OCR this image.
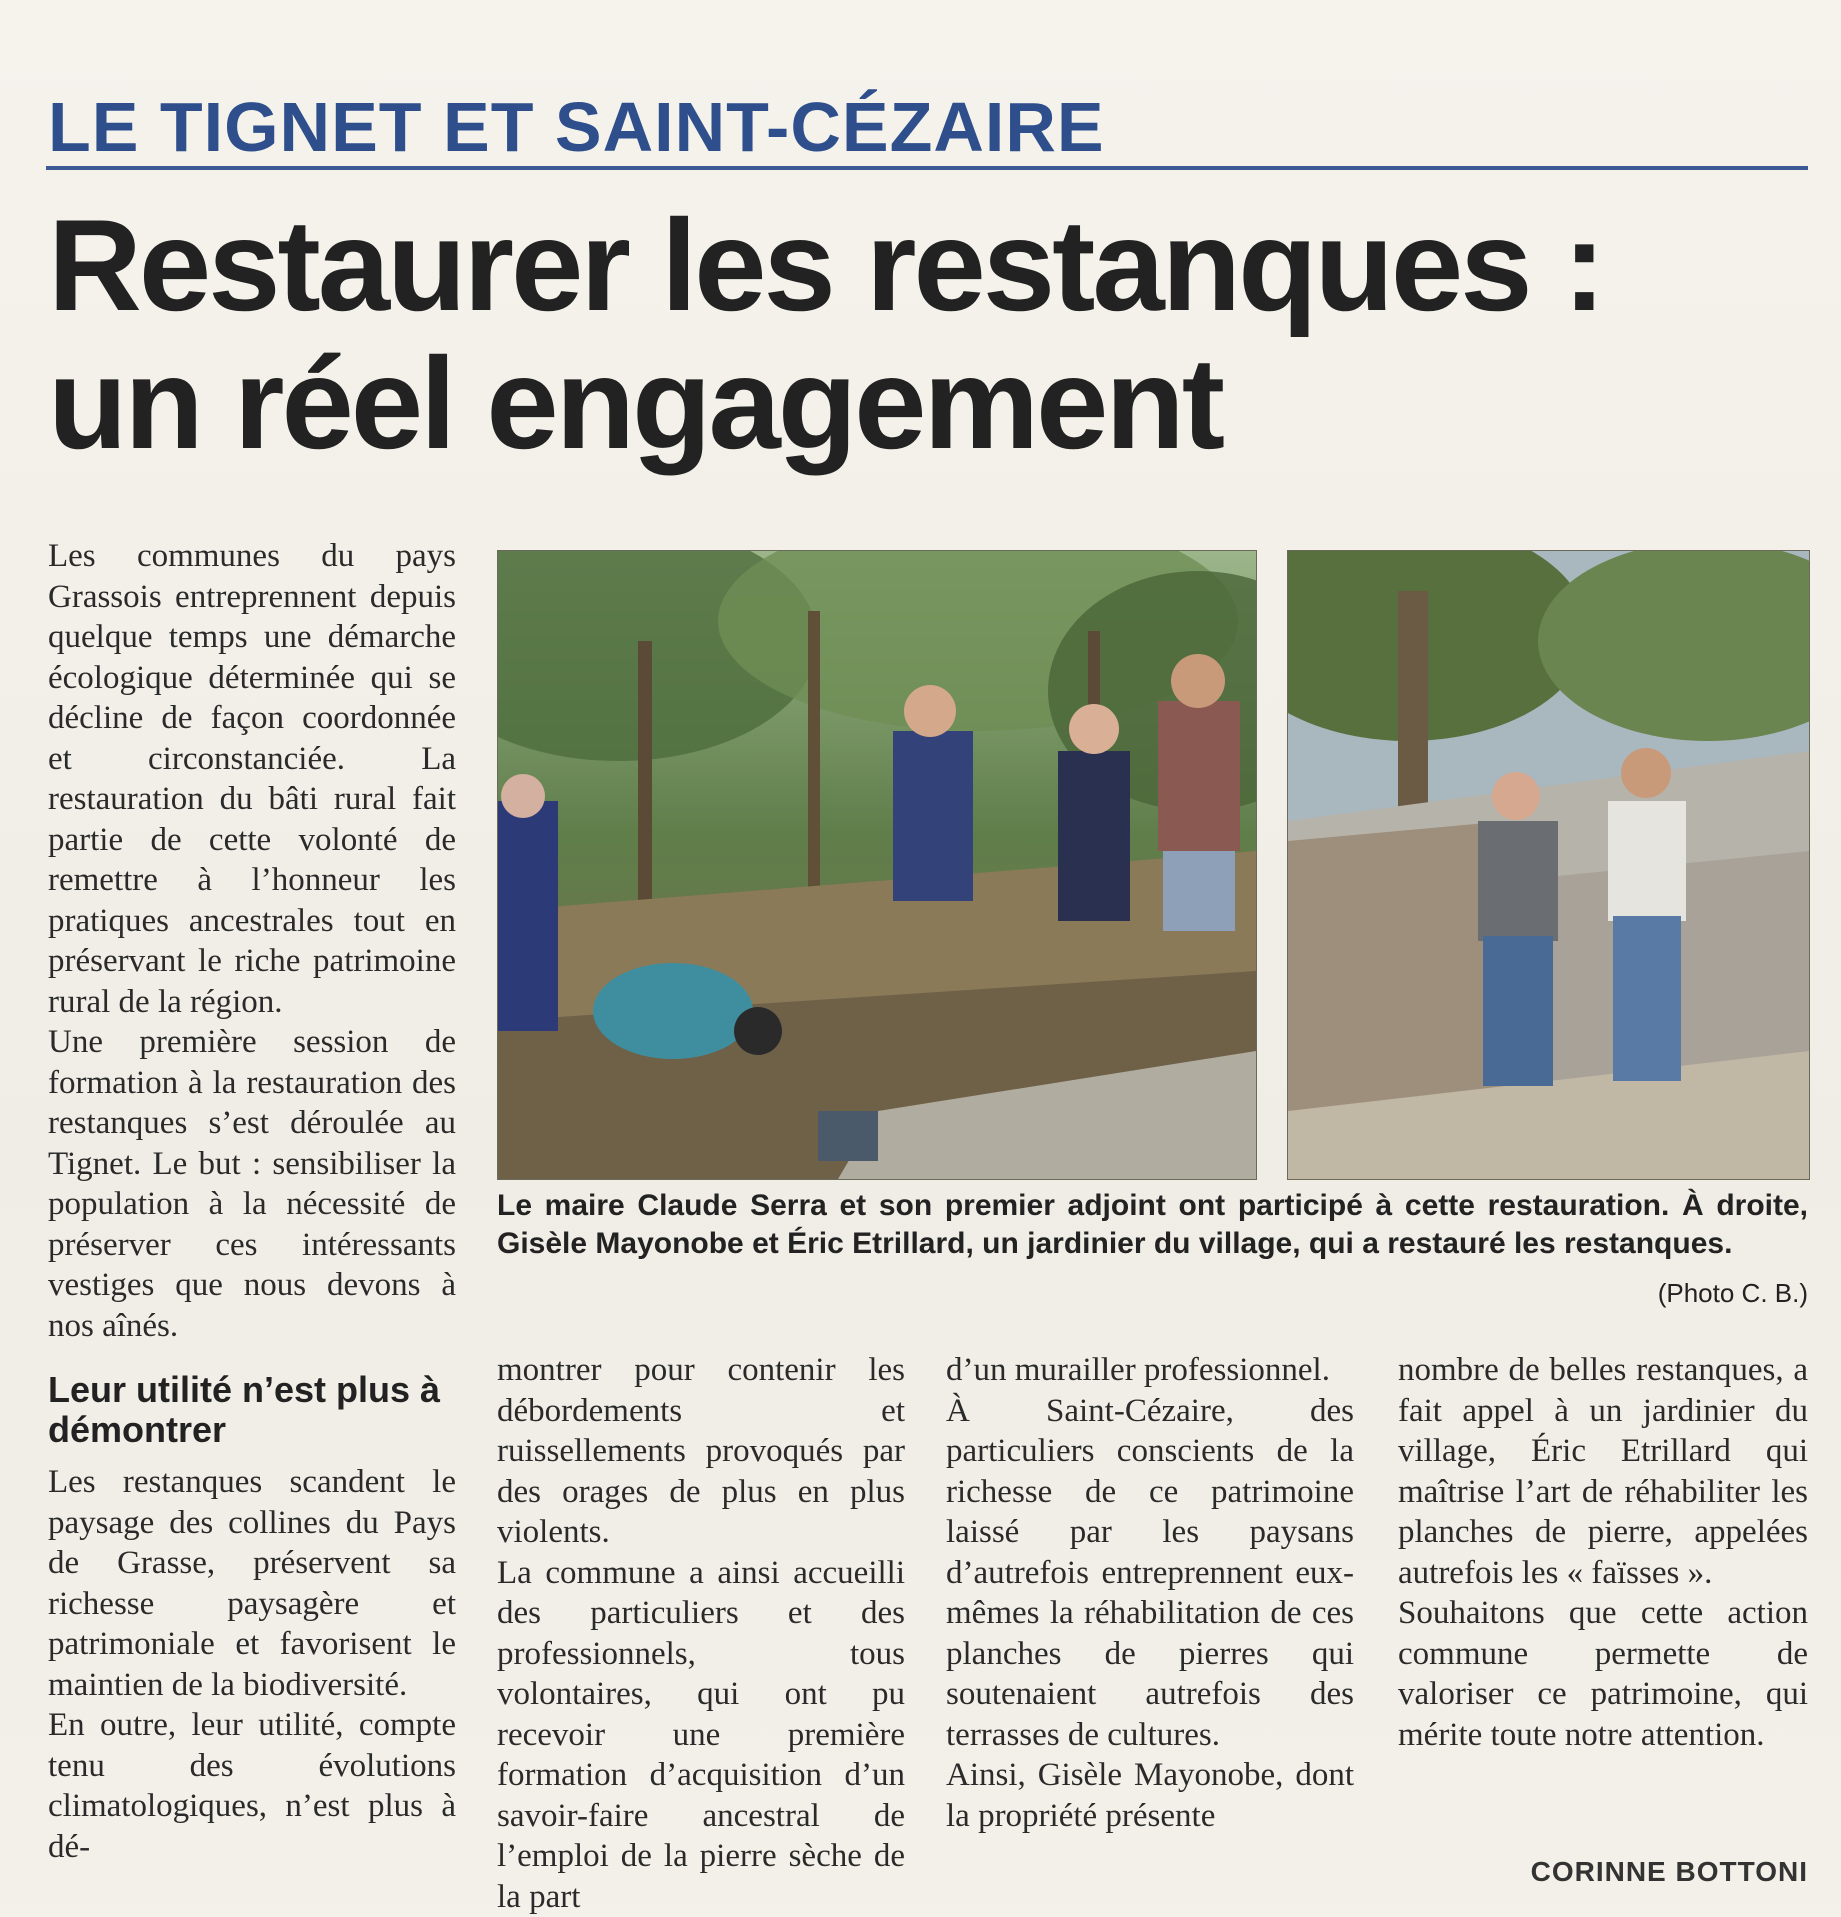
LE TIGNET ET SAINT-CÉZAIRE
Restaurer les restanques :
un réel engagement

Les communes du pays Grassois entreprennent depuis quelque temps une démarche écologique déterminée qui se décline de façon coordonnée et circonstanciée. La restauration du bâti rural fait partie de cette volonté de remettre à l’honneur les pratiques ancestrales tout en préservant le riche patrimoine rural de la région.

Une première session de formation à la restauration des restanques s’est déroulée au Tignet. Le but : sensibiliser la population à la nécessité de préserver ces intéressants vestiges que nous devons à nos aînés.

Leur utilité n’est plus à démontrer

Les restanques scandent le paysage des collines du Pays de Grasse, préservent sa richesse paysagère et patrimoniale et favorisent le maintien de la biodiversité.

En outre, leur utilité, compte tenu des évolutions climatologiques, n’est plus à dé-

Le maire Claude Serra et son premier adjoint ont participé à cette restauration. À droite, Gisèle Mayonobe et Éric Etrillard, un jardinier du village, qui a restauré les restanques.
(Photo C. B.)

montrer pour contenir les débordements et ruissellements provoqués par des orages de plus en plus violents.

La commune a ainsi accueilli des particuliers et des professionnels, tous volontaires, qui ont pu recevoir une première formation d’acquisition d’un savoir-faire ancestral de l’emploi de la pierre sèche de la part

d’un murailler professionnel.

À Saint-Cézaire, des particuliers conscients de la richesse de ce patrimoine laissé par les paysans d’autrefois entreprennent eux-mêmes la réhabilitation de ces planches de pierres qui soutenaient autrefois des terrasses de cultures.

Ainsi, Gisèle Mayonobe, dont la propriété présente

nombre de belles restanques, a fait appel à un jardinier du village, Éric Etrillard qui maîtrise l’art de réhabiliter les planches de pierre, appelées autrefois les « faïsses ».

Souhaitons que cette action commune permette de valoriser ce patrimoine, qui mérite toute notre attention.

CORINNE BOTTONI
